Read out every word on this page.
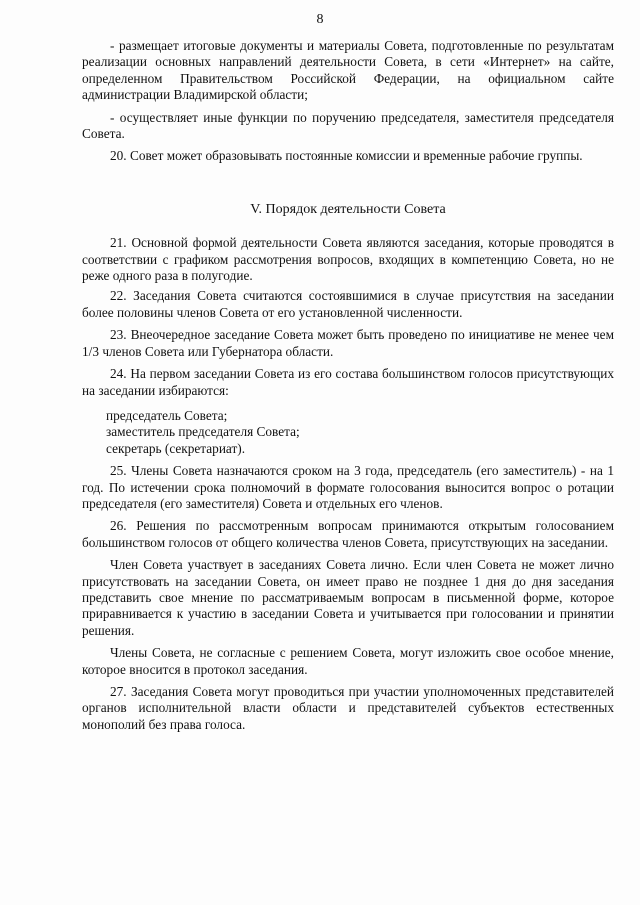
8

- размещает итоговые документы и материалы Совета, подготовленные по результатам реализации основных направлений деятельности Совета, в сети «Интернет» на сайте, определенном Правительством Российской Федерации, на официальном сайте администрации Владимирской области;

- осуществляет иные функции по поручению председателя, заместителя председателя Совета.

20. Совет может образовывать постоянные комиссии и временные рабочие группы.

V. Порядок деятельности Совета

21. Основной формой деятельности Совета являются заседания, которые проводятся в соответствии с графиком рассмотрения вопросов, входящих в компетенцию Совета, но не реже одного раза в полугодие.

22. Заседания Совета считаются состоявшимися в случае присутствия на заседании более половины членов Совета от его установленной численности.

23. Внеочередное заседание Совета может быть проведено по инициативе не менее чем 1/3 членов Совета или Губернатора области.

24. На первом заседании Совета из его состава большинством голосов присутствующих на заседании избираются:

председатель Совета;

заместитель председателя Совета;

секретарь (секретариат).

25. Члены Совета назначаются сроком на 3 года, председатель (его заместитель) - на 1 год. По истечении срока полномочий в формате голосования выносится вопрос о ротации председателя (его заместителя) Совета и отдельных его членов.

26. Решения по рассмотренным вопросам принимаются открытым голосованием большинством голосов от общего количества членов Совета, присутствующих на заседании.

Член Совета участвует в заседаниях Совета лично. Если член Совета не может лично присутствовать на заседании Совета, он имеет право не позднее 1 дня до дня заседания представить свое мнение по рассматриваемым вопросам в письменной форме, которое приравнивается к участию в заседании Совета и учитывается при голосовании и принятии решения.

Члены Совета, не согласные с решением Совета, могут изложить свое особое мнение, которое вносится в протокол заседания.

27. Заседания Совета могут проводиться при участии уполномоченных представителей органов исполнительной власти области и представителей субъектов естественных монополий без права голоса.
